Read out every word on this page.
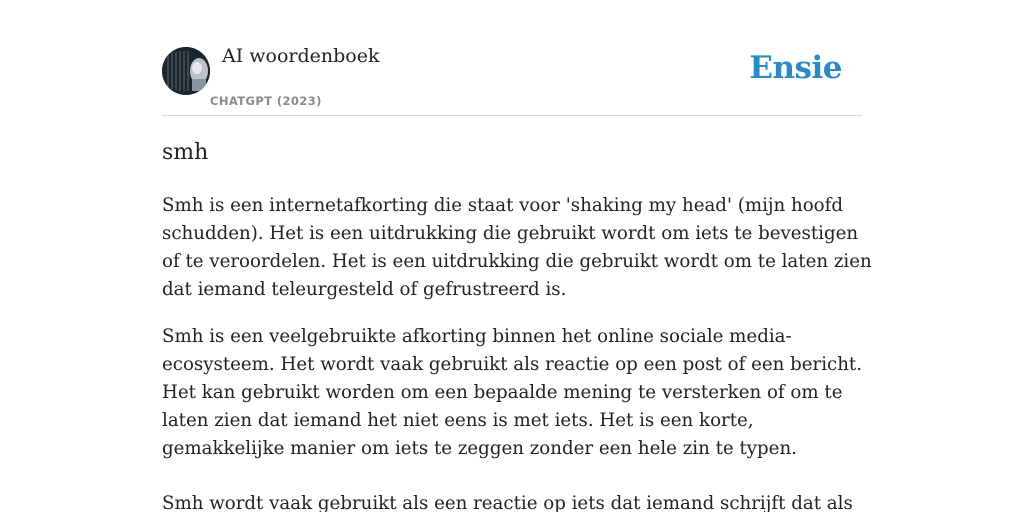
AI woordenboek
CHATGPT (2023)
Ensie
smh

Smh is een internetafkorting die staat voor 'shaking my head' (mijn hoofd schudden). Het is een uitdrukking die gebruikt wordt om iets te bevestigen of te veroordelen. Het is een uitdrukking die gebruikt wordt om te laten zien dat iemand teleurgesteld of gefrustreerd is.

Smh is een veelgebruikte afkorting binnen het online sociale media-ecosysteem. Het wordt vaak gebruikt als reactie op een post of een bericht. Het kan gebruikt worden om een bepaalde mening te versterken of om te laten zien dat iemand het niet eens is met iets. Het is een korte, gemakkelijke manier om iets te zeggen zonder een hele zin te typen.

Smh wordt vaak gebruikt als een reactie op iets dat iemand schrijft dat als
